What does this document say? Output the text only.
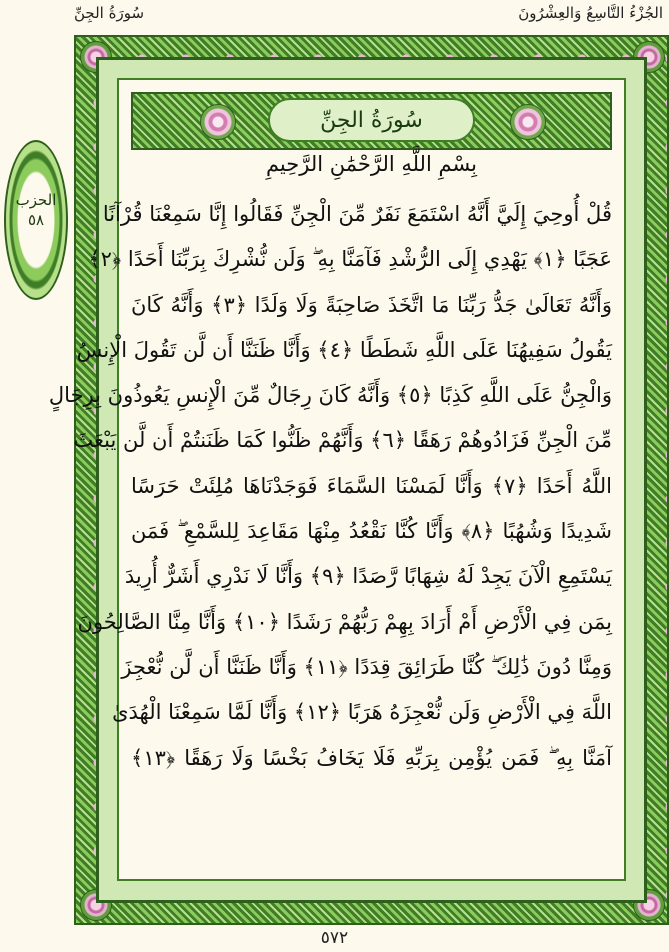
الجُزْءُ التَّاسِعُ وَالعِشْرُونَ
سُورَةُ الجِنِّ
الحزب
٥٨
سُورَةُ الجِنِّ
بِسْمِ اللَّهِ الرَّحْمَٰنِ الرَّحِيمِ
قُلْ أُوحِيَ إِلَيَّ أَنَّهُ اسْتَمَعَ نَفَرٌ مِّنَ الْجِنِّ فَقَالُوا إِنَّا سَمِعْنَا قُرْآنًا
عَجَبًا ﴿١﴾ يَهْدِي إِلَى الرُّشْدِ فَآمَنَّا بِهِ ۖ وَلَن نُّشْرِكَ بِرَبِّنَا أَحَدًا ﴿٢﴾
وَأَنَّهُ تَعَالَىٰ جَدُّ رَبِّنَا مَا اتَّخَذَ صَاحِبَةً وَلَا وَلَدًا ﴿٣﴾ وَأَنَّهُ كَانَ
يَقُولُ سَفِيهُنَا عَلَى اللَّهِ شَطَطًا ﴿٤﴾ وَأَنَّا ظَنَنَّا أَن لَّن تَقُولَ الْإِنسُ
وَالْجِنُّ عَلَى اللَّهِ كَذِبًا ﴿٥﴾ وَأَنَّهُ كَانَ رِجَالٌ مِّنَ الْإِنسِ يَعُوذُونَ بِرِجَالٍ
مِّنَ الْجِنِّ فَزَادُوهُمْ رَهَقًا ﴿٦﴾ وَأَنَّهُمْ ظَنُّوا كَمَا ظَنَنتُمْ أَن لَّن يَبْعَثَ
اللَّهُ أَحَدًا ﴿٧﴾ وَأَنَّا لَمَسْنَا السَّمَاءَ فَوَجَدْنَاهَا مُلِئَتْ حَرَسًا
شَدِيدًا وَشُهُبًا ﴿٨﴾ وَأَنَّا كُنَّا نَقْعُدُ مِنْهَا مَقَاعِدَ لِلسَّمْعِ ۖ فَمَن
يَسْتَمِعِ الْآنَ يَجِدْ لَهُ شِهَابًا رَّصَدًا ﴿٩﴾ وَأَنَّا لَا نَدْرِي أَشَرٌّ أُرِيدَ
بِمَن فِي الْأَرْضِ أَمْ أَرَادَ بِهِمْ رَبُّهُمْ رَشَدًا ﴿١٠﴾ وَأَنَّا مِنَّا الصَّالِحُونَ
وَمِنَّا دُونَ ذَٰلِكَ ۖ كُنَّا طَرَائِقَ قِدَدًا ﴿١١﴾ وَأَنَّا ظَنَنَّا أَن لَّن نُّعْجِزَ
اللَّهَ فِي الْأَرْضِ وَلَن نُّعْجِزَهُ هَرَبًا ﴿١٢﴾ وَأَنَّا لَمَّا سَمِعْنَا الْهُدَىٰ
آمَنَّا بِهِ ۖ فَمَن يُؤْمِن بِرَبِّهِ فَلَا يَخَافُ بَخْسًا وَلَا رَهَقًا ﴿١٣﴾
٥٧٢
